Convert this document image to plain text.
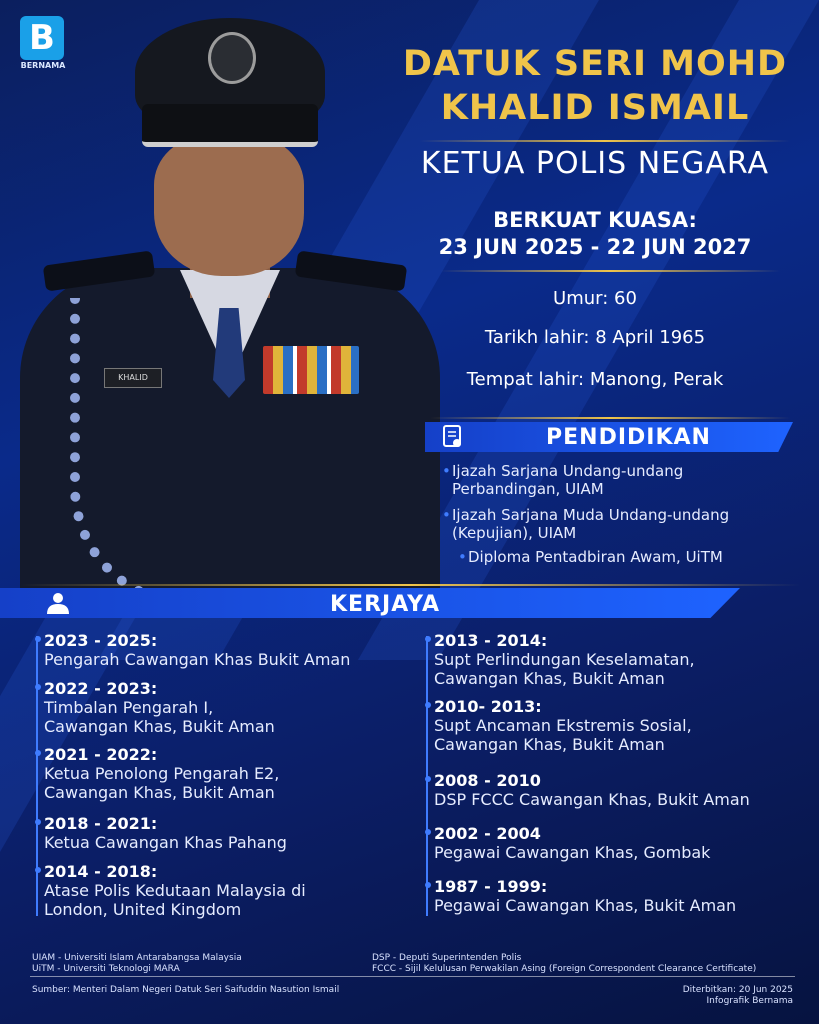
KHALID
B
BERNAMA	DATUK SERI MOHD
KHALID ISMAIL
KETUA POLIS NEGARA
BERKUAT KUASA:
23 JUN 2025 - 22 JUN 2027
Umur: 60
Tarikh lahir: 8 April 1965
Tempat lahir: Manong, Perak
PENDIDIKAN
• Ijazah Sarjana Undang-undang
Perbandingan, UIAM
• Ijazah Sarjana Muda Undang-undang
(Kepujian), UIAM
• Diploma Pentadbiran Awam, UiTM
KERJAYA
2023 - 2025:
Pengarah Cawangan Khas Bukit Aman
2022 - 2023:
Timbalan Pengarah I,
Cawangan Khas, Bukit Aman
2021 - 2022:
Ketua Penolong Pengarah E2,
Cawangan Khas, Bukit Aman
2018 - 2021:
Ketua Cawangan Khas Pahang
2014 - 2018:
Atase Polis Kedutaan Malaysia di
London, United Kingdom
2013 - 2014:
Supt Perlindungan Keselamatan,
Cawangan Khas, Bukit Aman
2010- 2013:
Supt Ancaman Ekstremis Sosial,
Cawangan Khas, Bukit Aman
2008 - 2010
DSP FCCC Cawangan Khas, Bukit Aman
2002 - 2004
Pegawai Cawangan Khas, Gombak
1987 - 1999:
Pegawai Cawangan Khas, Bukit Aman
UIAM - Universiti Islam Antarabangsa Malaysia
UiTM - Universiti Teknologi MARA
DSP - Deputi Superintenden Polis
FCCC - Sijil Kelulusan Perwakilan Asing (Foreign Correspondent Clearance Certificate)
Sumber: Menteri Dalam Negeri Datuk Seri Saifuddin Nasution Ismail	Diterbitkan: 20 Jun 2025
Infografik Bernama
